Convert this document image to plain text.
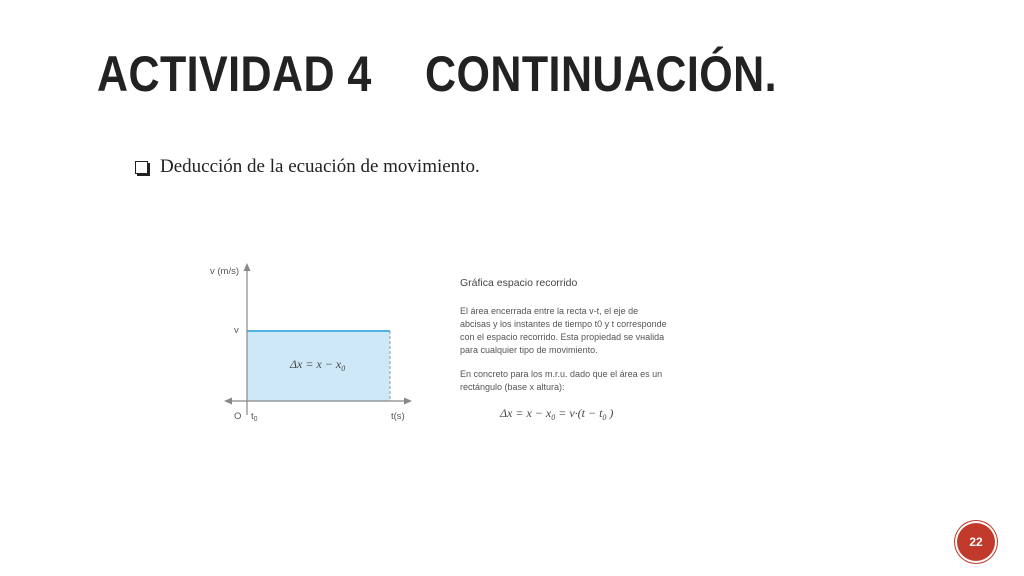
ACTIVIDAD 4 CONTINUACIÓN.
Deducción de la ecuación de movimiento.
v (m/s)
v
O $t_0$	t(s)
$\Delta x = x - x_0$
Gráfica espacio recorrido
El área encerrada entre la recta v-t, el eje de
abcisas y los instantes de tiempo t0 y t corresponde
con el espacio recorrido. Esta propiedad se vнalida
para cualquier tipo de movimiento.
En concreto para los m.r.u. dado que el área es un
rectángulo (base x altura):
$\Delta x = x - x_0 = v\cdot(t - t_0$ )
22
